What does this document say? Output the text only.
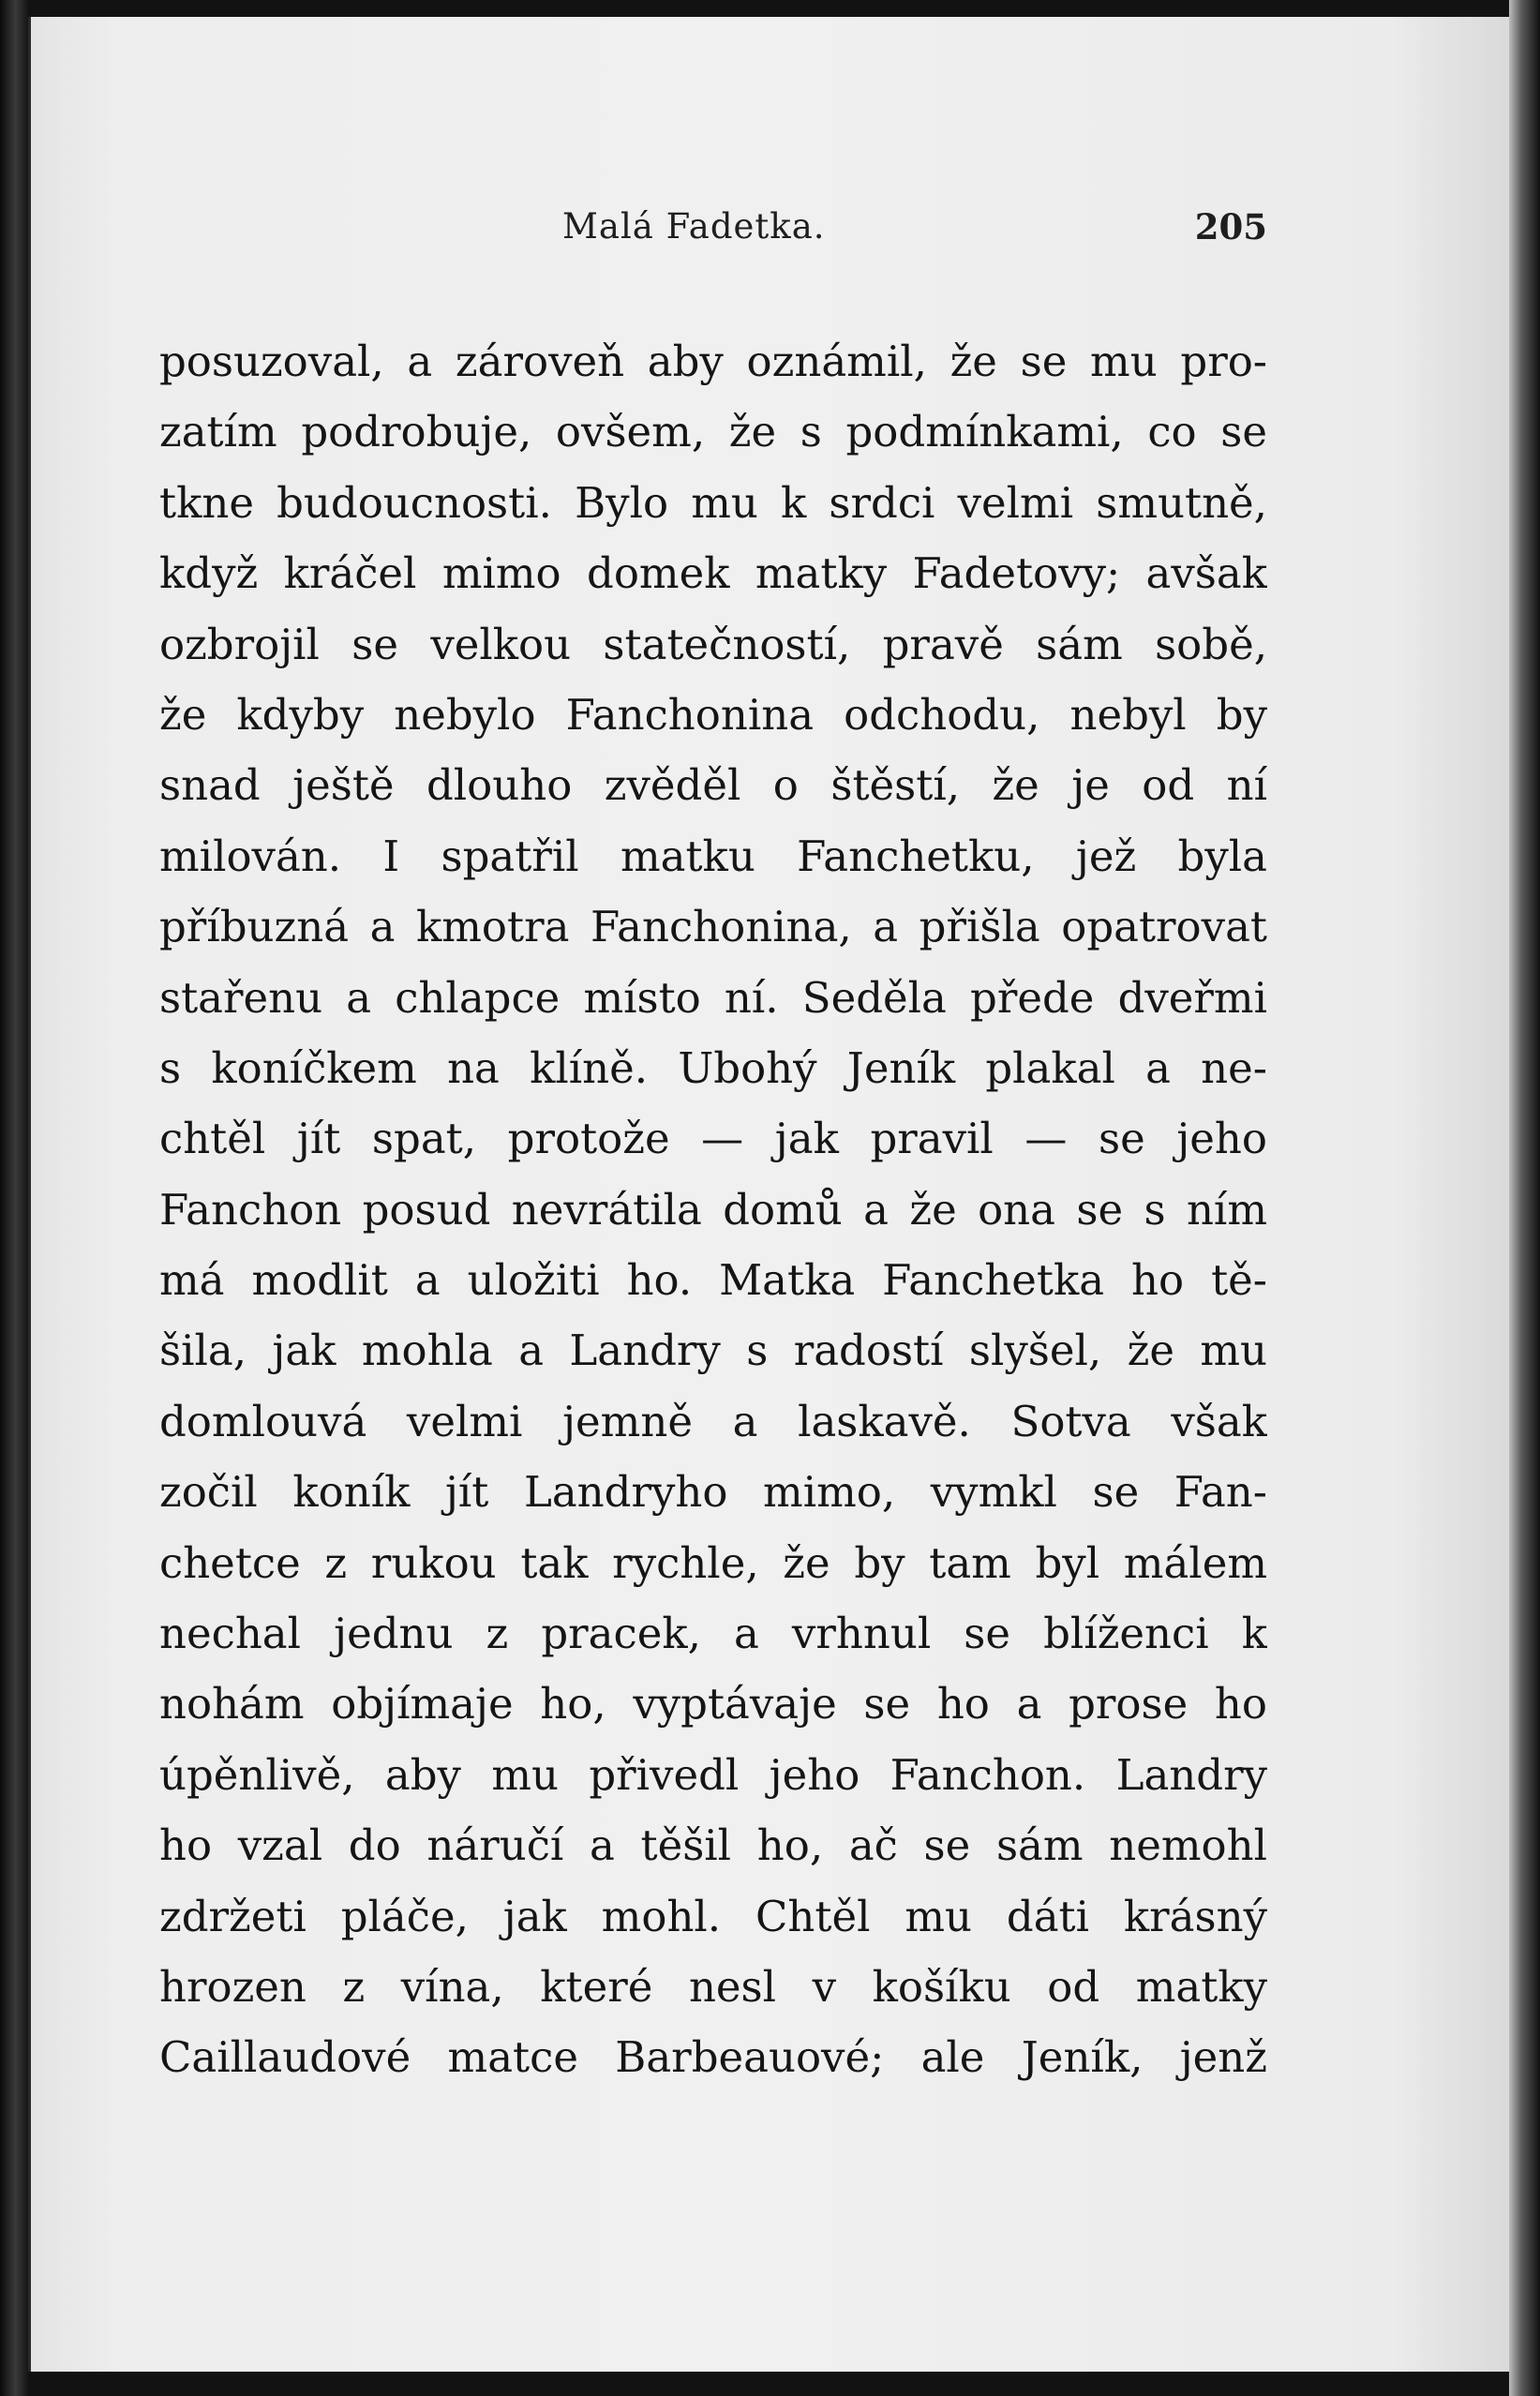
Malá Fadetka.	205
posuzoval, a zároveň aby oznámil, že se mu pro-
zatím podrobuje, ovšem, že s podmínkami, co se
tkne budoucnosti. Bylo mu k srdci velmi smutně,
když kráčel mimo domek matky Fadetovy; avšak
ozbrojil se velkou statečností, pravě sám sobě,
že kdyby nebylo Fanchonina odchodu, nebyl by
snad ještě dlouho zvěděl o štěstí, že je od ní
milován. I spatřil matku Fanchetku, jež byla
příbuzná a kmotra Fanchonina, a přišla opatrovat
stařenu a chlapce místo ní. Seděla přede dveřmi
s koníčkem na klíně. Ubohý Jeník plakal a ne-
chtěl jít spat, protože — jak pravil — se jeho
Fanchon posud nevrátila domů a že ona se s ním
má modlit a uložiti ho. Matka Fanchetka ho tě-
šila, jak mohla a Landry s radostí slyšel, že mu
domlouvá velmi jemně a laskavě. Sotva však
zočil koník jít Landryho mimo, vymkl se Fan-
chetce z rukou tak rychle, že by tam byl málem
nechal jednu z pracek, a vrhnul se blíženci k
nohám objímaje ho, vyptávaje se ho a prose ho
úpěnlivě, aby mu přivedl jeho Fanchon. Landry
ho vzal do náručí a těšil ho, ač se sám nemohl
zdržeti pláče, jak mohl. Chtěl mu dáti krásný
hrozen z vína, které nesl v košíku od matky
Caillaudové matce Barbeauové; ale Jeník, jenž
